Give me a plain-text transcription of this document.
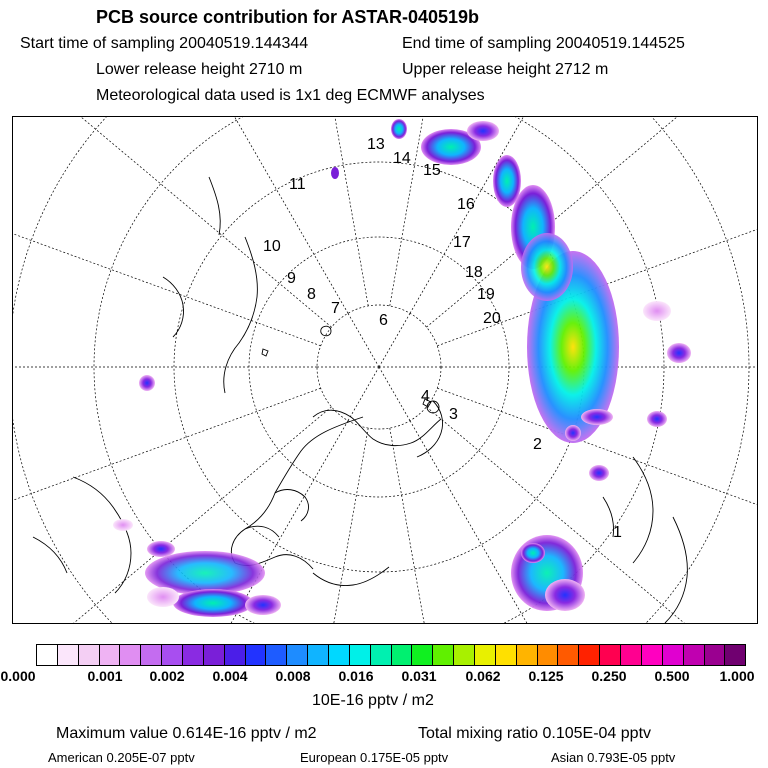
PCB source contribution for ASTAR-040519b
Start time of sampling 20040519.144344	End time of sampling 20040519.144525
Lower release height 2710 m	Upper release height 2712 m
Meteorological data used is 1x1 deg ECMWF analyses
13
14
15
16
17
18
19
20
11
10
9
8
7
6
4
3
2
1
0.000	0.001 0.002 0.004 0.008 0.016 0.031 0.062 0.125 0.250 0.500 1.000
10E-16 pptv / m2
Maximum value 0.614E-16 pptv / m2	Total mixing ratio 0.105E-04 pptv
American 0.205E-07 pptv	European 0.175E-05 pptv	Asian 0.793E-05 pptv
